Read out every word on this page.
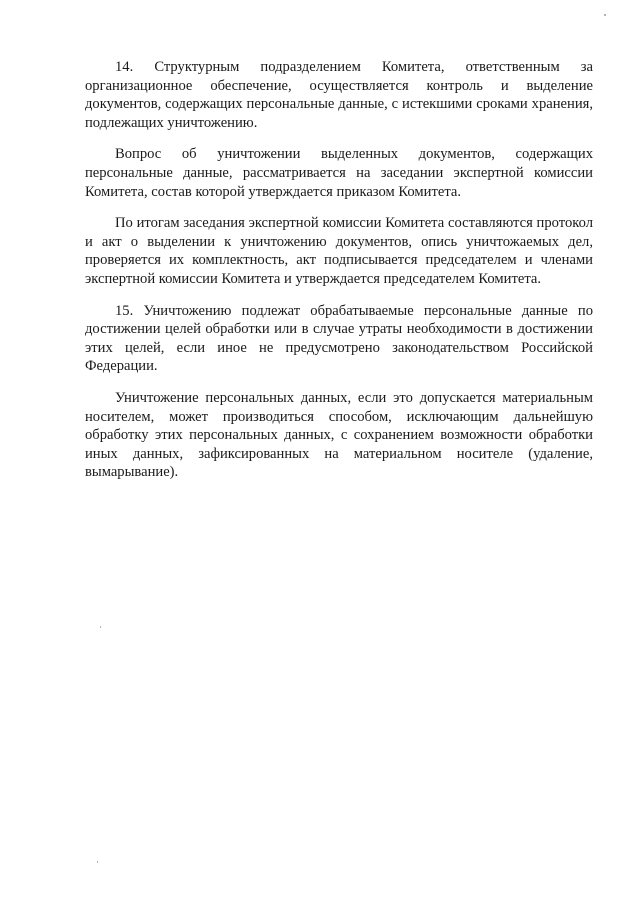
14. Структурным подразделением Комитета, ответственным за организационное обеспечение, осуществляется контроль и выделение документов, содержащих персональные данные, с истекшими сроками хранения, подлежащих уничтожению.

Вопрос об уничтожении выделенных документов, содержащих персональные данные, рассматривается на заседании экспертной комиссии Комитета, состав которой утверждается приказом Комитета.

По итогам заседания экспертной комиссии Комитета составляются протокол и акт о выделении к уничтожению документов, опись уничтожаемых дел, проверяется их комплектность, акт подписывается председателем и членами экспертной комиссии Комитета и утверждается председателем Комитета.

15. Уничтожению подлежат обрабатываемые персональные данные по достижении целей обработки или в случае утраты необходимости в достижении этих целей, если иное не предусмотрено законодательством Российской Федерации.

Уничтожение персональных данных, если это допускается материальным носителем, может производиться способом, исключающим дальнейшую обработку этих персональных данных, с сохранением возможности обработки иных данных, зафиксированных на материальном носителе (удаление, вымарывание).
